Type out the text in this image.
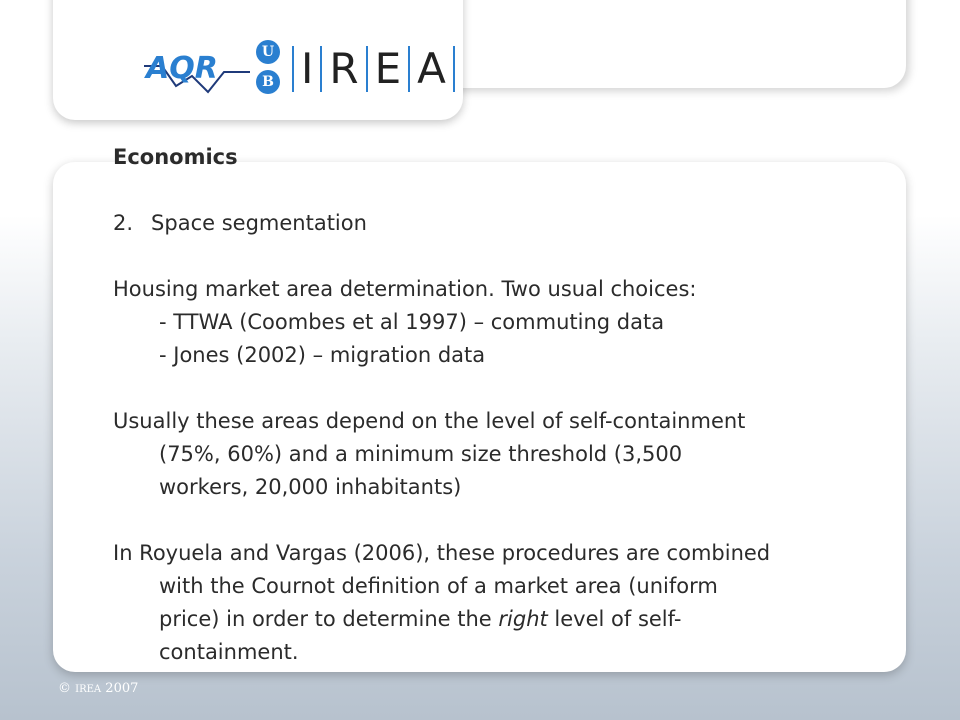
AQR	U
B I R E A

Economics

2. Space segmentation

Housing market area determination. Two usual choices:

- TTWA (Coombes et al 1997) – commuting data

- Jones (2002) – migration data

Usually these areas depend on the level of self-containment

(75%, 60%) and a minimum size threshold (3,500

workers, 20,000 inhabitants)

In Royuela and Vargas (2006), these procedures are combined

with the Cournot definition of a market area (uniform

price) in order to determine the right level of self-

containment.

© IREA 2007
